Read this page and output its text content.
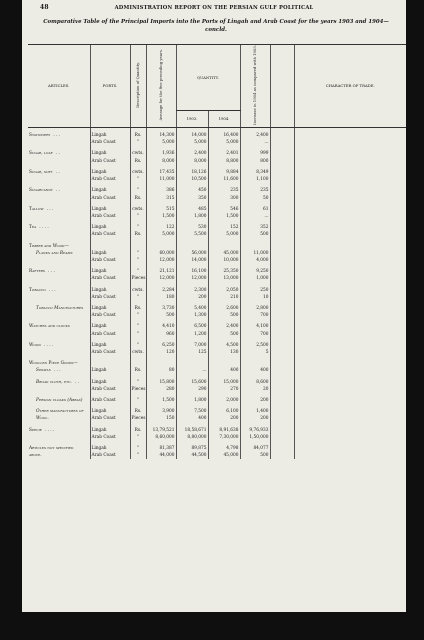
48	ADMINISTRATION REPORT ON THE PERSIAN GULF POLITICAL
Comparative Table of the Principal Imports into the Ports of Lingah and Arab Coast for the years 1903 and 1904—concld.
ARTICLES.	PORTS.	Description of Quantity.	Average for the five preceding years.	QUANTITY.		Increase in 1904 as compared with 1903.		CHARACTER OF TRADE.
				1903.	1904.			
Stationery . . .	Lingah	Rs.	14,300	14,000	16,400	2,400		
	Arab Coast	"	5,000	5,000	5,000	...		
Sugar, loaf . .	Lingah	cwts.	1,936	2,400	2,401	999		
	Arab Coast	Rs.	8,000	8,000	8,800	800		
Sugar, soft . .	Lingah	cwts.	17,435	18,126	9,884	8,349		
	Arab Coast	"	11,000	10,500	11,600	1,100		
Sugarcandy . .	Lingah	"	386	450	235	235		
	Arab Coast	Rs.	315	350	300	50		
Tallow . . .	Lingah	cwts.	515	485	546	61		
	Arab Coast	"	1,500	1,800	1,500	...		
Tea . . . .	Lingah	"	122	530	152	352		
	Arab Coast	Rs.	5,000	5,500	5,000	500		
Timber and Wood—								
Planks and Beams	Lingah	"	60,000	56,000	45,000	11,000		
	Arab Coast	"	12,000	14,000	10,000	4,000		
Rafters . . .	Lingah	"	21,121	16,100	25,350	9,250		
	Arab Coast	Pieces	12,000	12,000	13,000	1,000		
Tobacco . . .	Lingah	cwts.	2,284	2,300	2,050	250		
	Arab Coast	"	180	200	210	10		
Tobacco Manufactures	Lingah	Rs.	3,730	5,400	2,600	2,800		
	Arab Coast	"	500	1,300	500	700		
Watches and clocks	Lingah	"	4,410	6,500	2,400	4,100		
	Arab Coast	"	960	1,200	500	700		
Wood . . . .	Lingah	"	6,250	7,000	4,500	2,500		
	Arab Coast	cwts.	120	125	130	5		
Woollen Piece Goods—								
Shawls . . .	Lingah	Rs.	80	...	400	400		
Broad cloth, etc. . .	Lingah	"	15,800	15,600	15,000	8,600		
	Arab Coast	Pieces	280	290	270	20		
Persian cloaks (Abbas)	Arab Coast	"	1,500	1,800	2,000	200		
Other manufactures of	Lingah	Rs.	3,900	7,500	6,100	1,400		
Wool.	Arab Coast	Pieces	150	400	200	200		
Specie . . . .	Lingah	Rs.	13,79,521	18,58,671	8,91,638	9,76,933		
	Arab Coast	"	8,60,000	8,80,000	7,30,000	1,50,000		
Articles not specified	Lingah	"	81,387	89,875	4,798	84,077		
above.	Arab Coast	"	44,000	44,500	45,000	500		
